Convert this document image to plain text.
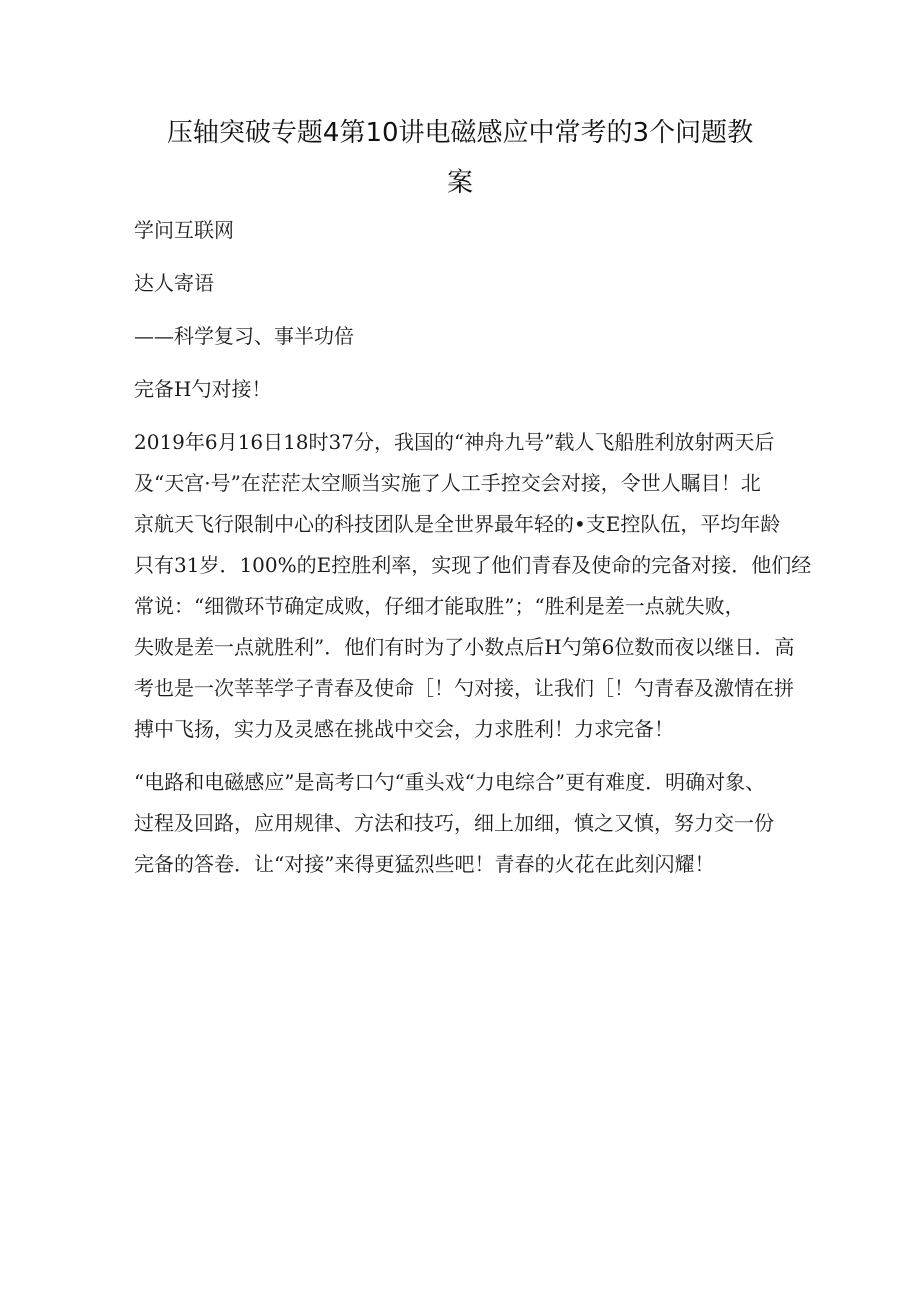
压轴突破专题4第10讲电磁感应中常考的3个问题教
案
学问互联网
达人寄语
——科学复习、事半功倍
完备H勺对接！
2019年6月16日18时37分，我国的“神舟九号”载人飞船胜利放射两天后
及“天宫·号”在茫茫太空顺当实施了人工手控交会对接，令世人瞩目！北
京航天飞行限制中心的科技团队是全世界最年轻的•支E控队伍，平均年龄
只有31岁．100%的E控胜利率，实现了他们青春及使命的完备对接．他们经
常说：“细微环节确定成败，仔细才能取胜”；“胜利是差一点就失败，
失败是差一点就胜利”．他们有时为了小数点后H勺第6位数而夜以继日．高
考也是一次莘莘学子青春及使命［！勺对接，让我们［！勺青春及激情在拼
搏中飞扬，实力及灵感在挑战中交会，力求胜利！力求完备！
“电路和电磁感应”是高考口勺“重头戏“力电综合”更有难度．明确对象、
过程及回路，应用规律、方法和技巧，细上加细，慎之又慎，努力交一份
完备的答卷．让“对接”来得更猛烈些吧！青春的火花在此刻闪耀！
